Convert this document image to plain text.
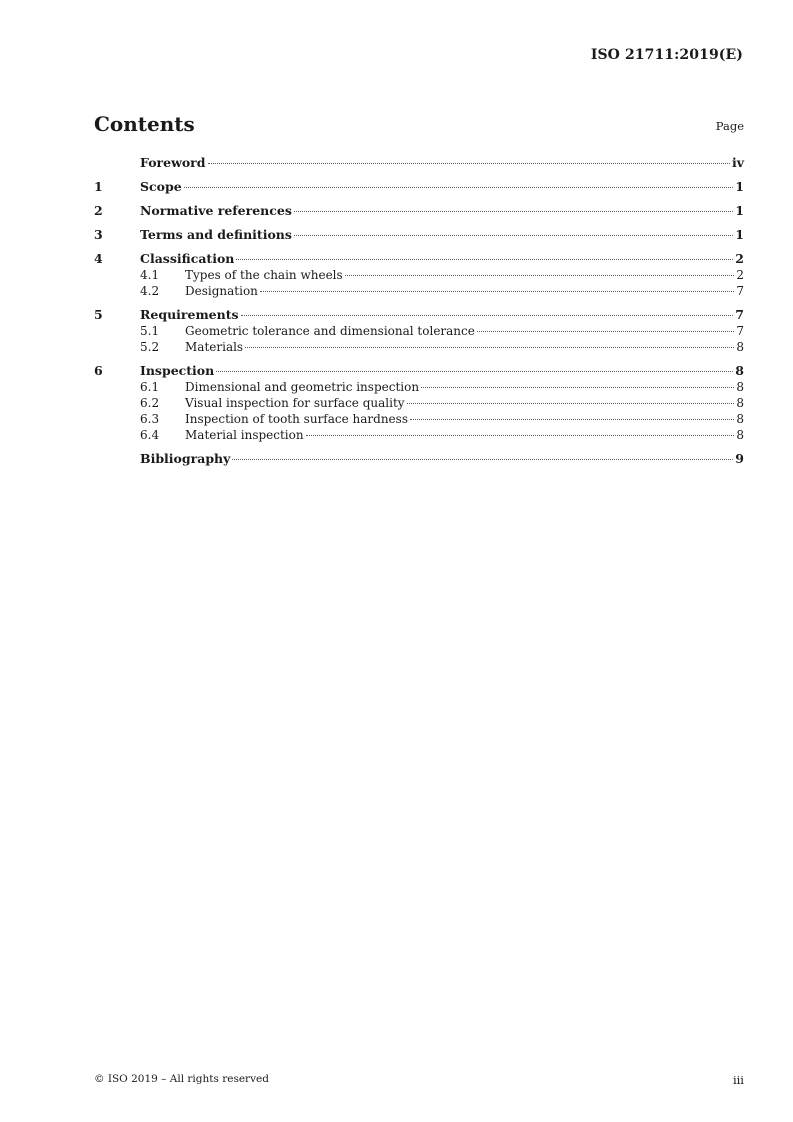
ISO 21711:2019(E)
Contents	Page
Foreword	iv
1	Scope	1
2	Normative references	1
3	Terms and definitions	1
4	Classification	2
4.1	Types of the chain wheels	2
4.2	Designation	7
5	Requirements	7
5.1	Geometric tolerance and dimensional tolerance	7
5.2	Materials	8
6	Inspection	8
6.1	Dimensional and geometric inspection	8
6.2	Visual inspection for surface quality	8
6.3	Inspection of tooth surface hardness	8
6.4	Material inspection	8
Bibliography	9
© ISO 2019 – All rights reserved	iii
